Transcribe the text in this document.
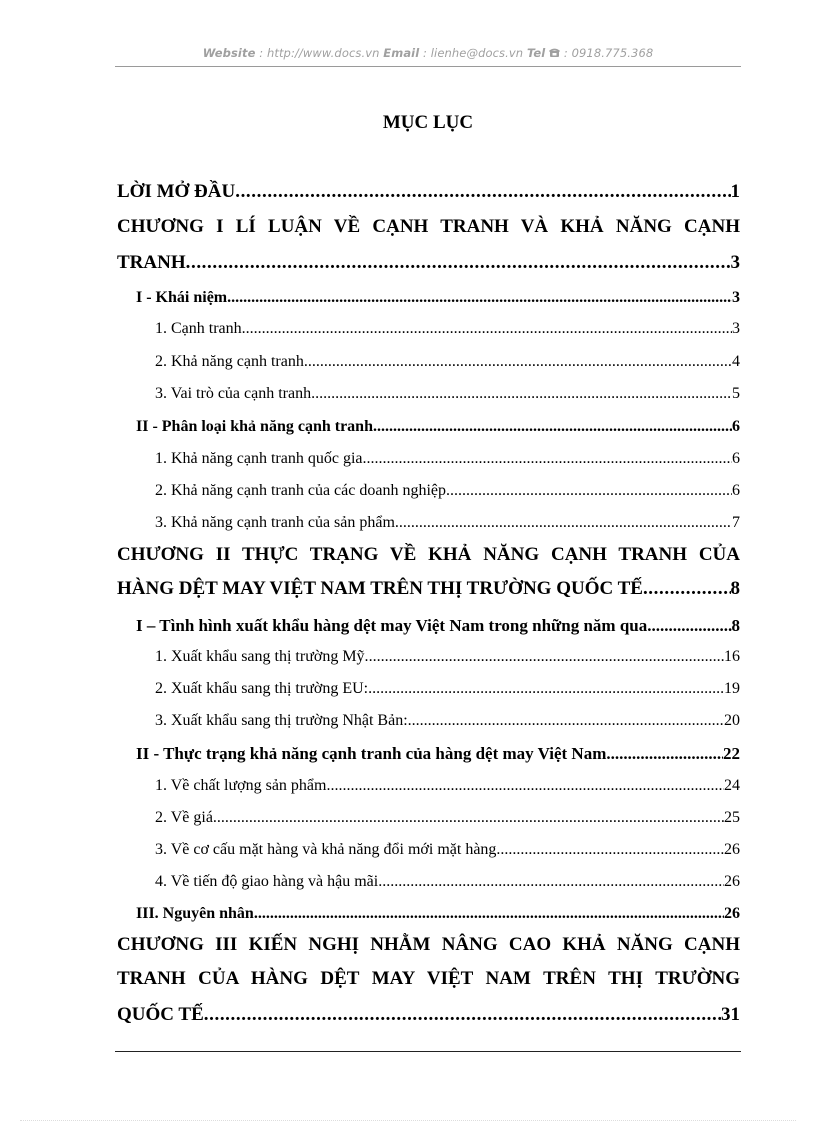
Website : http://www.docs.vn Email : lienhe@docs.vn Tel  : 0918.775.368
MỤC LỤC
LỜI MỞ ĐẦU .....	1
CHƯƠNG I LÍ LUẬN VỀ CẠNH TRANH VÀ KHẢ NĂNG CẠNH
TRANH .....	3
I - Khái niệm .....	3
1. Cạnh tranh .....	3
2. Khả năng cạnh tranh .....	4
3. Vai trò của cạnh tranh .....	5
II - Phân loại khả năng cạnh tranh .....	6
1. Khả năng cạnh tranh quốc gia .....	6
2. Khả năng cạnh tranh của các doanh nghiệp .....	6
3. Khả năng cạnh tranh của sản phẩm .....	7
CHƯƠNG II THỰC TRẠNG VỀ KHẢ NĂNG CẠNH TRANH CỦA
HÀNG DỆT MAY VIỆT NAM TRÊN THỊ TRƯỜNG QUỐC TẾ .....	8
I – Tình hình xuất khẩu hàng dệt may Việt Nam trong những năm qua .....	8
1. Xuất khẩu sang thị trường Mỹ. .....	16
2. Xuất khẩu sang thị trường EU: .....	19
3. Xuất khẩu sang thị trường Nhật Bản: .....	20
II - Thực trạng khả năng cạnh tranh của hàng dệt may Việt Nam .....	22
1. Về chất lượng sản phẩm .....	24
2. Về giá .....	25
3. Về cơ cấu mặt hàng và khả năng đổi mới mặt hàng .....	26
4. Về tiến độ giao hàng và hậu mãi .....	26
III. Nguyên nhân .....	26
CHƯƠNG III KIẾN NGHỊ NHẰM NÂNG CAO KHẢ NĂNG CẠNH
TRANH CỦA HÀNG DỆT MAY VIỆT NAM TRÊN THỊ TRƯỜNG
QUỐC TẾ .....	31
